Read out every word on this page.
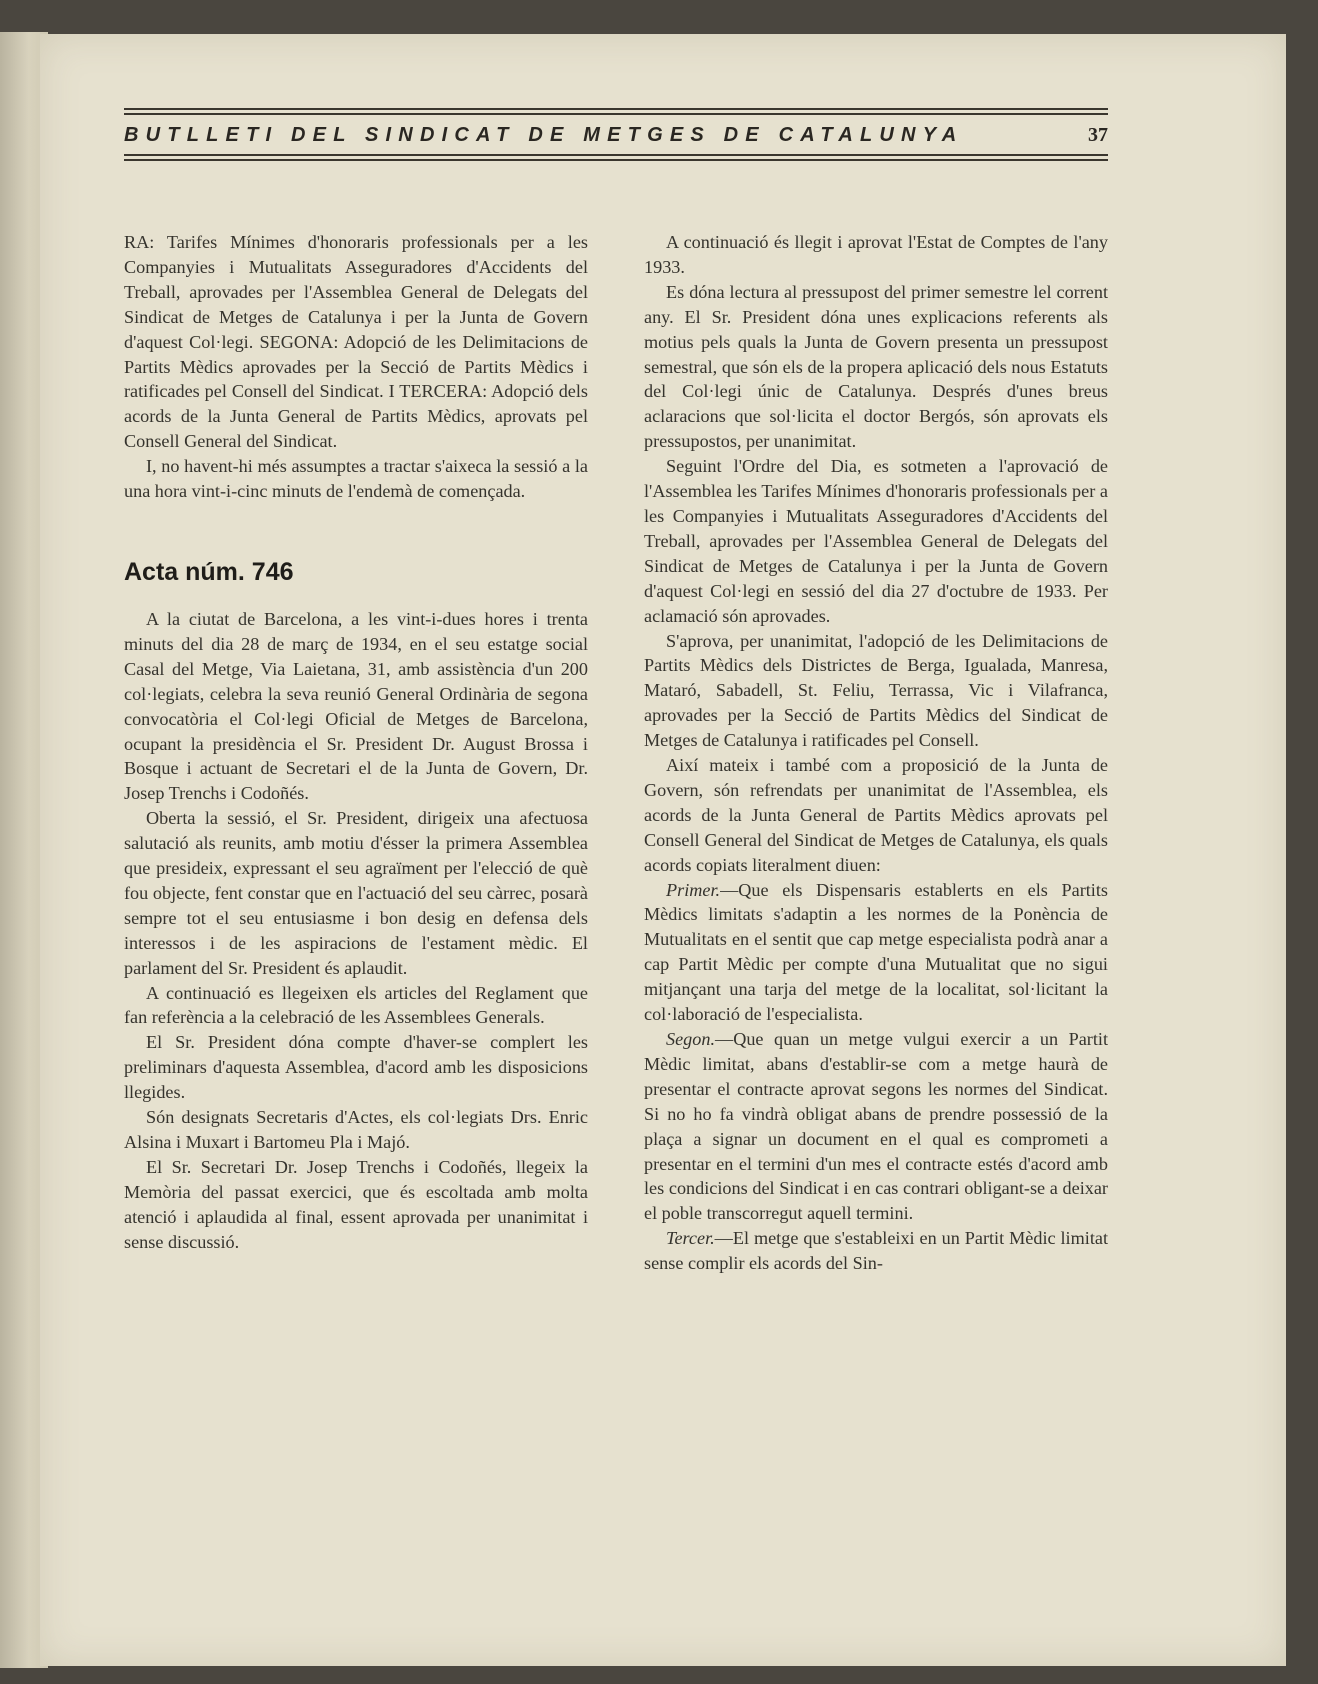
BUTLLETI DEL SINDICAT DE METGES DE CATALUNYA	37

RA: Tarifes Mínimes d'honoraris professionals per a les Companyies i Mutualitats Asseguradores d'Accidents del Treball, aprovades per l'Assemblea General de Delegats del Sindicat de Metges de Catalunya i per la Junta de Govern d'aquest Col·legi. SEGONA: Adopció de les Delimitacions de Partits Mèdics aprovades per la Secció de Partits Mèdics i ratificades pel Consell del Sindicat. I TERCERA: Adopció dels acords de la Junta General de Partits Mèdics, aprovats pel Consell General del Sindicat.

I, no havent-hi més assumptes a tractar s'aixeca la sessió a la una hora vint-i-cinc minuts de l'endemà de començada.

Acta núm. 746

A la ciutat de Barcelona, a les vint-i-dues hores i trenta minuts del dia 28 de març de 1934, en el seu estatge social Casal del Metge, Via Laietana, 31, amb assistència d'un 200 col·legiats, celebra la seva reunió General Ordinària de segona convocatòria el Col·legi Oficial de Metges de Barcelona, ocupant la presidència el Sr. President Dr. August Brossa i Bosque i actuant de Secretari el de la Junta de Govern, Dr. Josep Trenchs i Codoñés.

Oberta la sessió, el Sr. President, dirigeix una afectuosa salutació als reunits, amb motiu d'ésser la primera Assemblea que presideix, expressant el seu agraïment per l'elecció de què fou objecte, fent constar que en l'actuació del seu càrrec, posarà sempre tot el seu entusiasme i bon desig en defensa dels interessos i de les aspiracions de l'estament mèdic. El parlament del Sr. President és aplaudit.

A continuació es llegeixen els articles del Reglament que fan referència a la celebració de les Assemblees Generals.

El Sr. President dóna compte d'haver-se complert les preliminars d'aquesta Assemblea, d'acord amb les disposicions llegides.

Són designats Secretaris d'Actes, els col·legiats Drs. Enric Alsina i Muxart i Bartomeu Pla i Majó.

El Sr. Secretari Dr. Josep Trenchs i Codoñés, llegeix la Memòria del passat exercici, que és escoltada amb molta atenció i aplaudida al final, essent aprovada per unanimitat i sense discussió.

A continuació és llegit i aprovat l'Estat de Comptes de l'any 1933.

Es dóna lectura al pressupost del primer semestre lel corrent any. El Sr. President dóna unes explicacions referents als motius pels quals la Junta de Govern presenta un pressupost semestral, que són els de la propera aplicació dels nous Estatuts del Col·legi únic de Catalunya. Després d'unes breus aclaracions que sol·licita el doctor Bergós, són aprovats els pressupostos, per unanimitat.

Seguint l'Ordre del Dia, es sotmeten a l'aprovació de l'Assemblea les Tarifes Mínimes d'honoraris professionals per a les Companyies i Mutualitats Asseguradores d'Accidents del Treball, aprovades per l'Assemblea General de Delegats del Sindicat de Metges de Catalunya i per la Junta de Govern d'aquest Col·legi en sessió del dia 27 d'octubre de 1933. Per aclamació són aprovades.

S'aprova, per unanimitat, l'adopció de les Delimitacions de Partits Mèdics dels Districtes de Berga, Igualada, Manresa, Mataró, Sabadell, St. Feliu, Terrassa, Vic i Vilafranca, aprovades per la Secció de Partits Mèdics del Sindicat de Metges de Catalunya i ratificades pel Consell.

Així mateix i també com a proposició de la Junta de Govern, són refrendats per unanimitat de l'Assemblea, els acords de la Junta General de Partits Mèdics aprovats pel Consell General del Sindicat de Metges de Catalunya, els quals acords copiats literalment diuen:

Primer.—Que els Dispensaris establerts en els Partits Mèdics limitats s'adaptin a les normes de la Ponència de Mutualitats en el sentit que cap metge especialista podrà anar a cap Partit Mèdic per compte d'una Mutualitat que no sigui mitjançant una tarja del metge de la localitat, sol·licitant la col·laboració de l'especialista.

Segon.—Que quan un metge vulgui exercir a un Partit Mèdic limitat, abans d'establir-se com a metge haurà de presentar el contracte aprovat segons les normes del Sindicat. Si no ho fa vindrà obligat abans de prendre possessió de la plaça a signar un document en el qual es comprometi a presentar en el termini d'un mes el contracte estés d'acord amb les condicions del Sindicat i en cas contrari obligant-se a deixar el poble transcorregut aquell termini.

Tercer.—El metge que s'estableixi en un Partit Mèdic limitat sense complir els acords del Sin-
